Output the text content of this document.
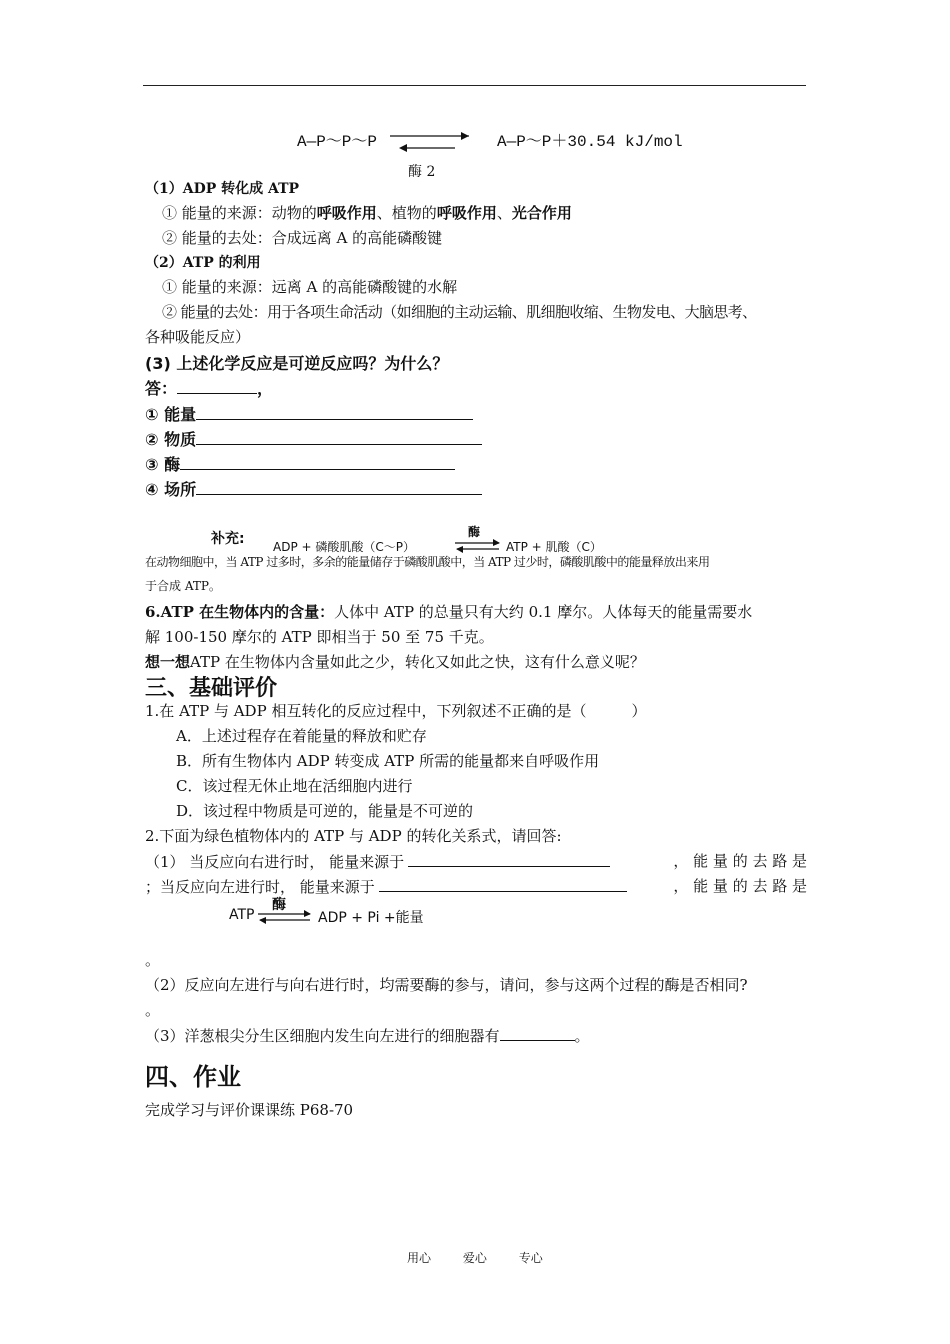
A—P～P～P	A—P～P＋30.54 kJ/mol
酶 2
（1）ADP 转化成 ATP
① 能量的来源：动物的呼吸作用、植物的呼吸作用、光合作用
② 能量的去处：合成远离 A 的高能磷酸键
（2）ATP 的利用
① 能量的来源：远离 A 的高能磷酸键的水解
② 能量的去处：用于各项生命活动（如细胞的主动运输、肌细胞收缩、生物发电、大脑思考、
各种吸能反应）
(3) 上述化学反应是可逆反应吗？为什么？
答：	，
① 能量
② 物质
③ 酶
④ 场所
补充: ADP + 磷酸肌酸（C～P）
酶
ATP + 肌酸（C）
在动物细胞中，当 ATP 过多时，多余的能量储存于磷酸肌酸中，当 ATP 过少时，磷酸肌酸中的能量释放出来用
于合成 ATP。
6.ATP 在生物体内的含量：人体中 ATP 的总量只有大约 0.1 摩尔。人体每天的能量需要水
解 100-150 摩尔的 ATP 即相当于 50 至 75 千克。
想一想ATP 在生物体内含量如此之少，转化又如此之快，这有什么意义呢？
三、基础评价
1.在 ATP 与 ADP 相互转化的反应过程中，下列叙述不正确的是（　　　）
A．上述过程存在着能量的释放和贮存
B．所有生物体内 ADP 转变成 ATP 所需的能量都来自呼吸作用
C．该过程无休止地在活细胞内进行
D．该过程中物质是可逆的，能量是不可逆的
2.下面为绿色植物体内的 ATP 与 ADP 的转化关系式，请回答:
（1） 当反应向右进行时， 能量来源于	， 能 量 的 去 路 是
；当反应向左进行时， 能量来源于	， 能 量 的 去 路 是
ATP
酶
ADP + Pi +能量
。
（2）反应向左进行与向右进行时，均需要酶的参与，请问，参与这两个过程的酶是否相同?
。
（3）洋葱根尖分生区细胞内发生向左进行的细胞器有	。
四、作业
完成学习与评价课课练 P68-70
用心	爱心	专心
